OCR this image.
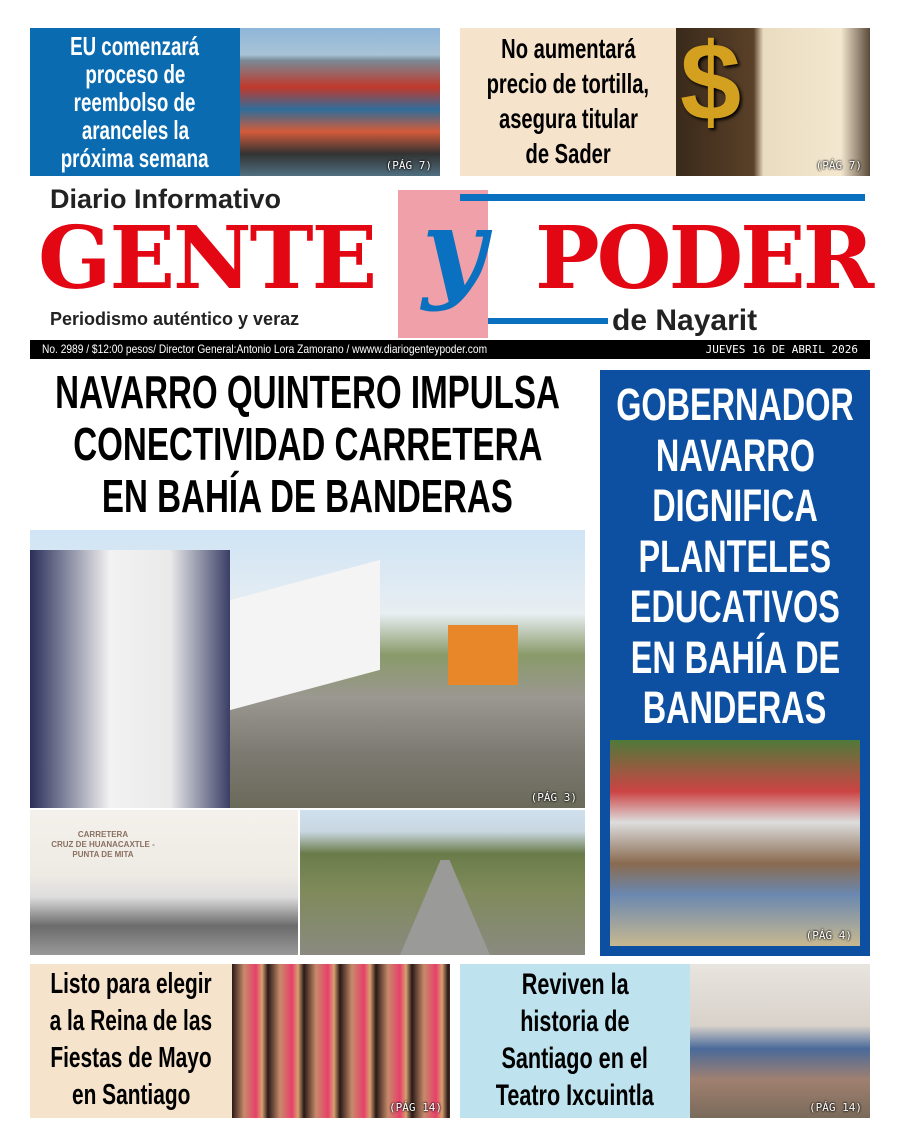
EU comenzará
proceso de
reembolso de
aranceles la
próxima semana	(PÁG 7)
No aumentará
precio de tortilla,
asegura titular
de Sader
$
(PÁG 7)
Diario Informativo
GENTE y PODER
Periodismo auténtico y veraz	de Nayarit
No. 2989 / $12:00 pesos/ Director General:Antonio Lora Zamorano / wwww.diariogenteypoder.com	JUEVES 16 DE ABRIL 2026
NAVARRO QUINTERO IMPULSA
CONECTIVIDAD CARRETERA
EN BAHÍA DE BANDERAS
(PÁG 3)
CARRETERA
CRUZ DE HUANACAXTLE -
PUNTA DE MITA
GOBERNADOR
NAVARRO
DIGNIFICA
PLANTELES
EDUCATIVOS
EN BAHÍA DE
BANDERAS
(PÁG 4)
Listo para elegir
a la Reina de las
Fiestas de Mayo
en Santiago	(PÁG 14)
Reviven la
historia de
Santiago en el
Teatro Ixcuintla	(PÁG 14)
